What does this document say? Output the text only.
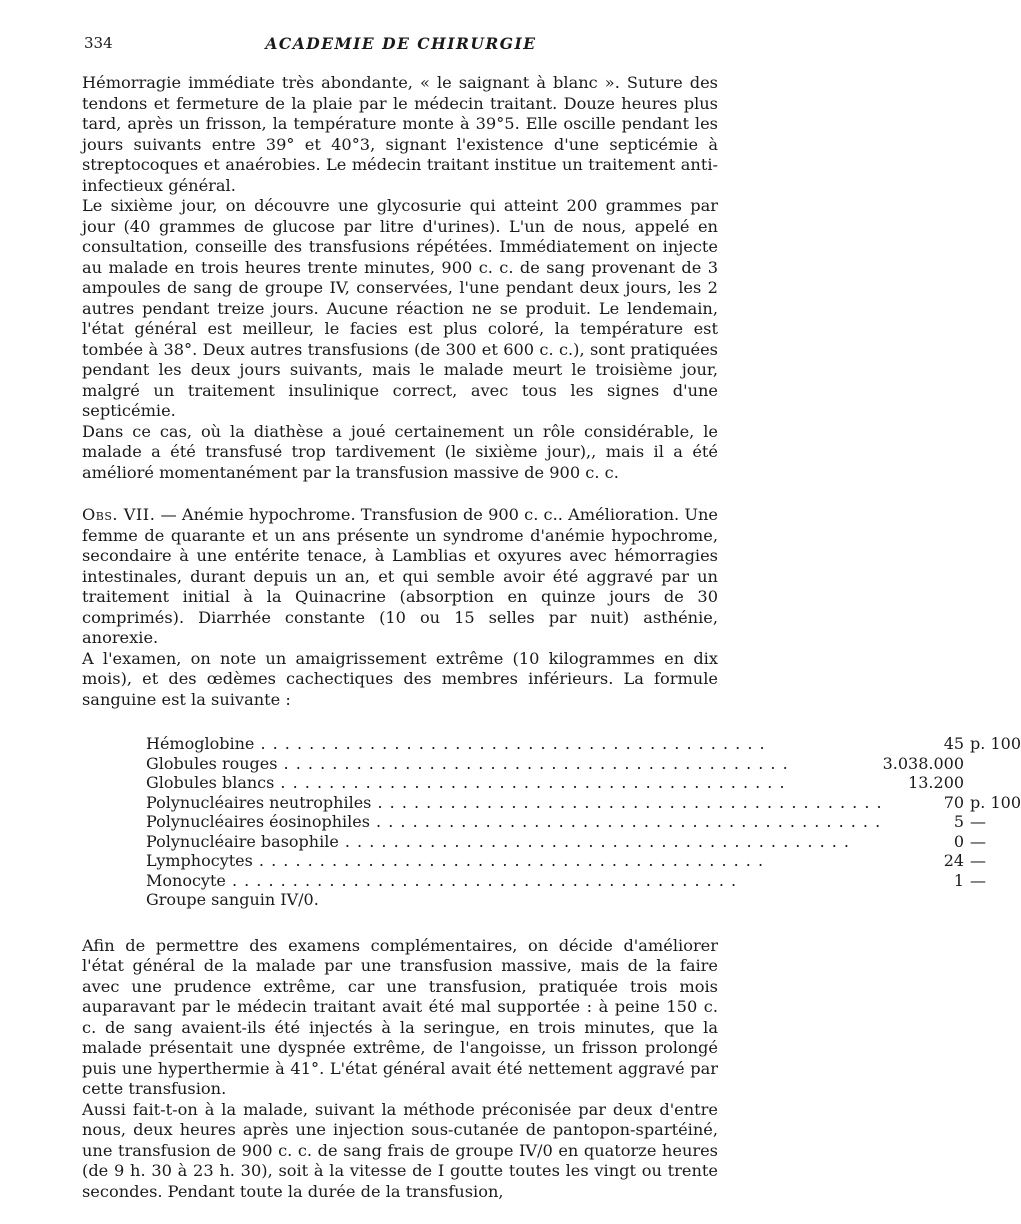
334	ACADEMIE DE CHIRURGIE

Hémorragie immédiate très abondante, « le saignant à blanc ». Suture des tendons et fermeture de la plaie par le médecin traitant. Douze heures plus tard, après un frisson, la température monte à 39°5. Elle oscille pendant les jours suivants entre 39° et 40°3, signant l'existence d'une septicémie à streptocoques et anaérobies. Le médecin traitant institue un traitement anti-infectieux général.

Le sixième jour, on découvre une glycosurie qui atteint 200 grammes par jour (40 grammes de glucose par litre d'urines). L'un de nous, appelé en consultation, conseille des transfusions répétées. Immédiatement on injecte au malade en trois heures trente minutes, 900 c. c. de sang provenant de 3 ampoules de sang de groupe IV, conservées, l'une pendant deux jours, les 2 autres pendant treize jours. Aucune réaction ne se produit. Le lendemain, l'état général est meilleur, le facies est plus coloré, la température est tombée à 38°. Deux autres transfusions (de 300 et 600 c. c.), sont pratiquées pendant les deux jours suivants, mais le malade meurt le troisième jour, malgré un traitement insulinique correct, avec tous les signes d'une septicémie.

Dans ce cas, où la diathèse a joué certainement un rôle considérable, le malade a été transfusé trop tardivement (le sixième jour),, mais il a été amélioré momentanément par la transfusion massive de 900 c. c.

Obs. VII. — Anémie hypochrome. Transfusion de 900 c. c.. Amélioration. Une femme de quarante et un ans présente un syndrome d'anémie hypochrome, secondaire à une entérite tenace, à Lamblias et oxyures avec hémorragies intestinales, durant depuis un an, et qui semble avoir été aggravé par un traitement initial à la Quinacrine (absorption en quinze jours de 30 comprimés). Diarrhée constante (10 ou 15 selles par nuit) asthénie, anorexie.

A l'examen, on note un amaigrissement extrême (10 kilogrammes en dix mois), et des œdèmes cachectiques des membres inférieurs. La formule sanguine est la suivante :

Hémoglobine . . .	45	p. 100
Globules rouges . . .	3.038.000	
Globules blancs . . .	13.200	
Polynucléaires neutrophiles . . .	70	p. 100
Polynucléaires éosinophiles . . .	5	—
Polynucléaire basophile . . .	0	—
Lymphocytes . . .	24	—
Monocyte . . .	1	—
Groupe sanguin IV/0.		

Afin de permettre des examens complémentaires, on décide d'améliorer l'état général de la malade par une transfusion massive, mais de la faire avec une prudence extrême, car une transfusion, pratiquée trois mois auparavant par le médecin traitant avait été mal supportée : à peine 150 c. c. de sang avaient-ils été injectés à la seringue, en trois minutes, que la malade présentait une dyspnée extrême, de l'angoisse, un frisson prolongé puis une hyperthermie à 41°. L'état général avait été nettement aggravé par cette transfusion.

Aussi fait-t-on à la malade, suivant la méthode préconisée par deux d'entre nous, deux heures après une injection sous-cutanée de pantopon-spartéiné, une transfusion de 900 c. c. de sang frais de groupe IV/0 en quatorze heures (de 9 h. 30 à 23 h. 30), soit à la vitesse de I goutte toutes les vingt ou trente secondes. Pendant toute la durée de la transfusion,
